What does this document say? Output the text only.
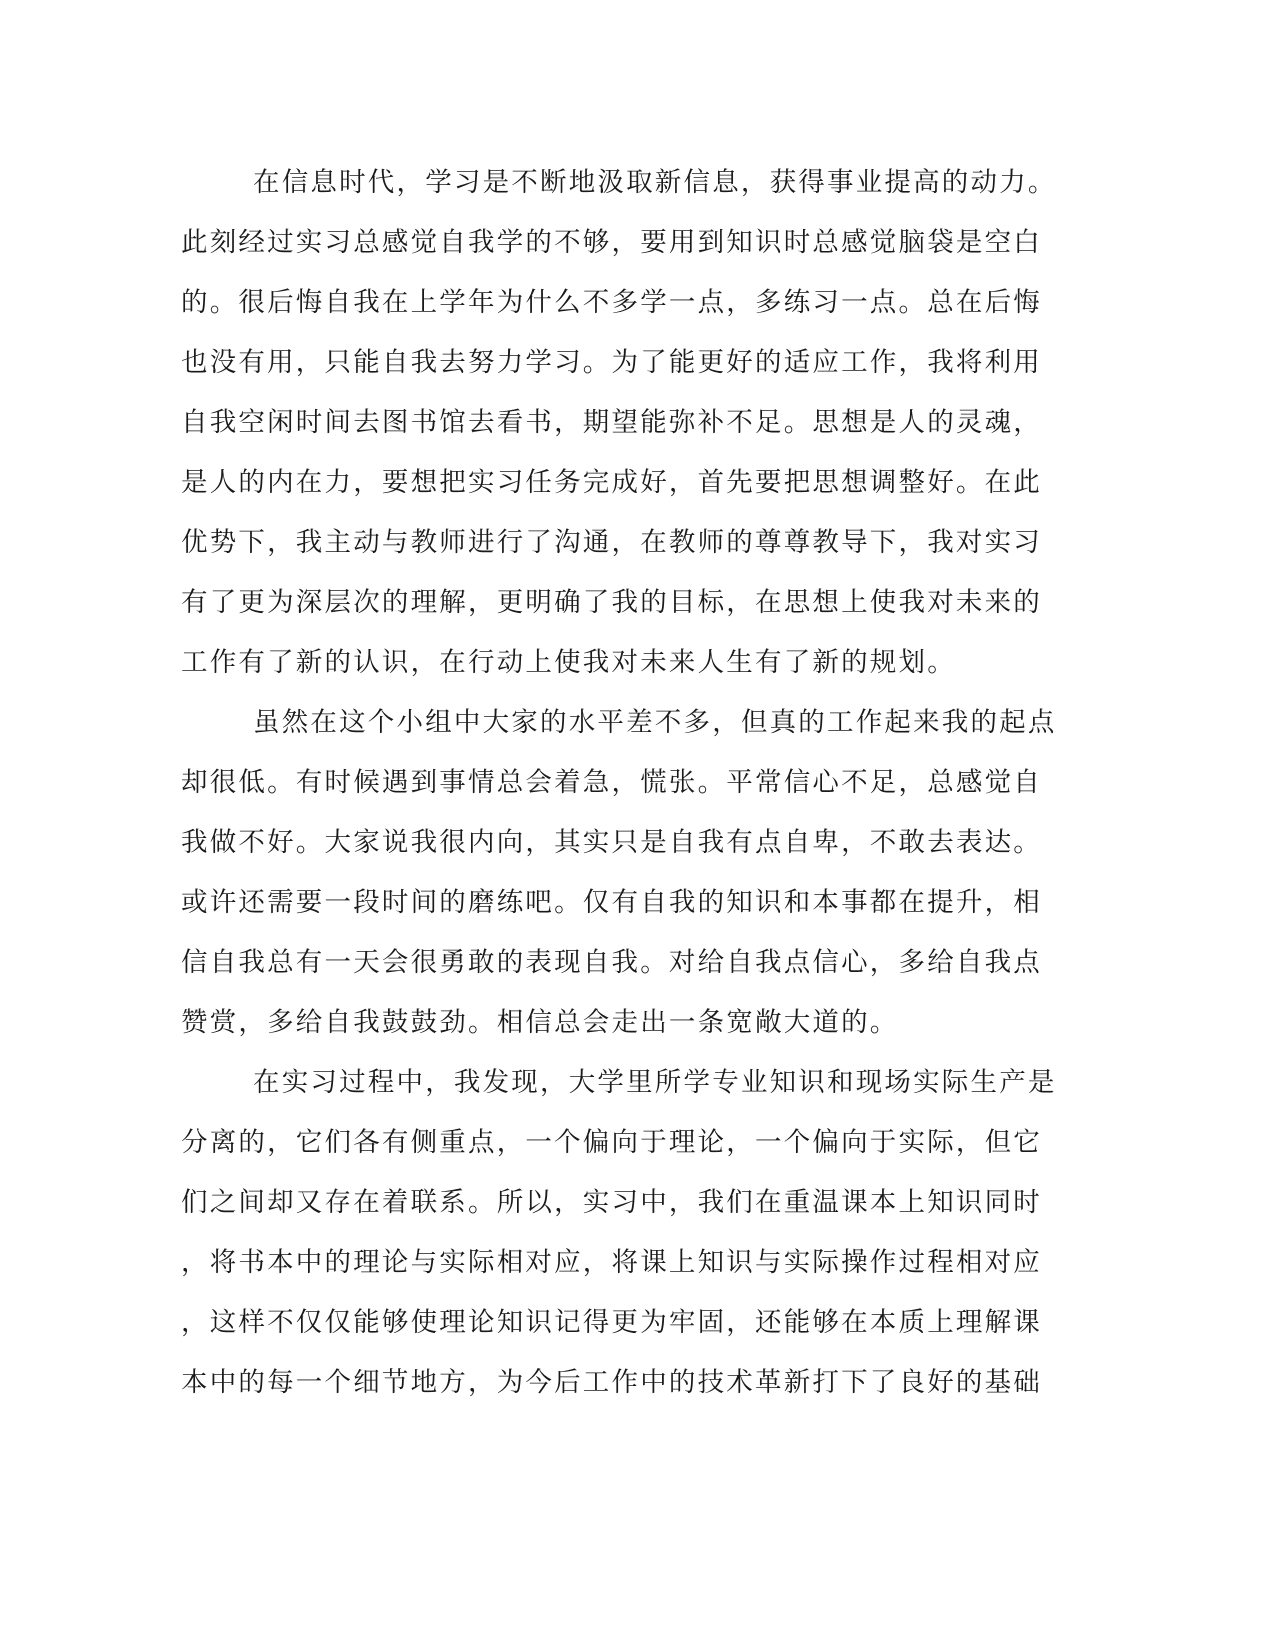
在信息时代，学习是不断地汲取新信息，获得事业提高的动力。
此刻经过实习总感觉自我学的不够，要用到知识时总感觉脑袋是空白
的。很后悔自我在上学年为什么不多学一点，多练习一点。总在后悔
也没有用，只能自我去努力学习。为了能更好的适应工作，我将利用
自我空闲时间去图书馆去看书，期望能弥补不足。思想是人的灵魂，
是人的内在力，要想把实习任务完成好，首先要把思想调整好。在此
优势下，我主动与教师进行了沟通，在教师的尊尊教导下，我对实习
有了更为深层次的理解，更明确了我的目标，在思想上使我对未来的
工作有了新的认识，在行动上使我对未来人生有了新的规划。
虽然在这个小组中大家的水平差不多，但真的工作起来我的起点
却很低。有时候遇到事情总会着急，慌张。平常信心不足，总感觉自
我做不好。大家说我很内向，其实只是自我有点自卑，不敢去表达。
或许还需要一段时间的磨练吧。仅有自我的知识和本事都在提升，相
信自我总有一天会很勇敢的表现自我。对给自我点信心，多给自我点
赞赏，多给自我鼓鼓劲。相信总会走出一条宽敞大道的。
在实习过程中，我发现，大学里所学专业知识和现场实际生产是
分离的，它们各有侧重点，一个偏向于理论，一个偏向于实际，但它
们之间却又存在着联系。所以，实习中，我们在重温课本上知识同时
，将书本中的理论与实际相对应，将课上知识与实际操作过程相对应
，这样不仅仅能够使理论知识记得更为牢固，还能够在本质上理解课
本中的每一个细节地方，为今后工作中的技术革新打下了良好的基础
